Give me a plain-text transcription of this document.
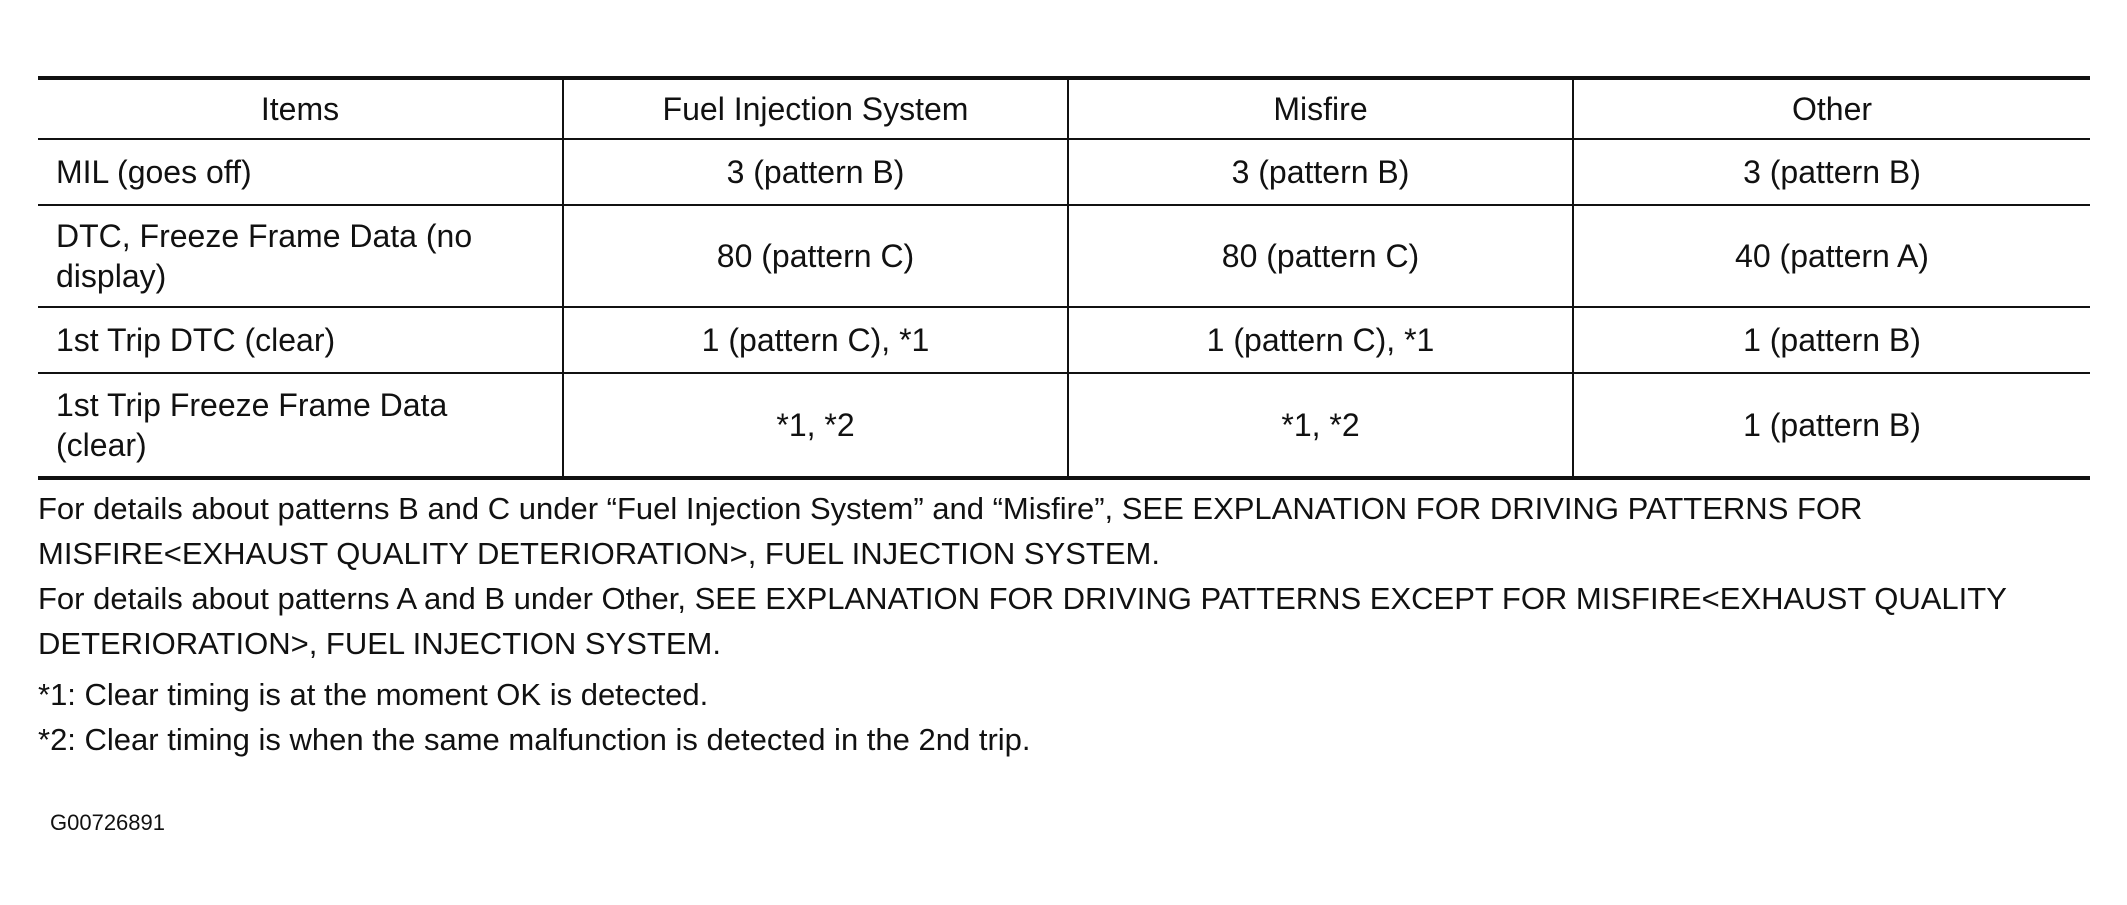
Items	Fuel Injection System	Misfire	Other
MIL (goes off)	3 (pattern B)	3 (pattern B)	3 (pattern B)
DTC, Freeze Frame Data (no display)	80 (pattern C)	80 (pattern C)	40 (pattern A)
1st Trip DTC (clear)	1 (pattern C), *1	1 (pattern C), *1	1 (pattern B)
1st Trip Freeze Frame Data (clear)	*1, *2	*1, *2	1 (pattern B)

For details about patterns B and C under “Fuel Injection System” and “Misfire”, SEE EXPLANATION FOR DRIVING PATTERNS FOR MISFIRE<EXHAUST QUALITY DETERIORATION>, FUEL INJECTION SYSTEM.

For details about patterns A and B under Other, SEE EXPLANATION FOR DRIVING PATTERNS EXCEPT FOR MISFIRE<EXHAUST QUALITY DETERIORATION>, FUEL INJECTION SYSTEM.

*1: Clear timing is at the moment OK is detected.

*2: Clear timing is when the same malfunction is detected in the 2nd trip.

G00726891
